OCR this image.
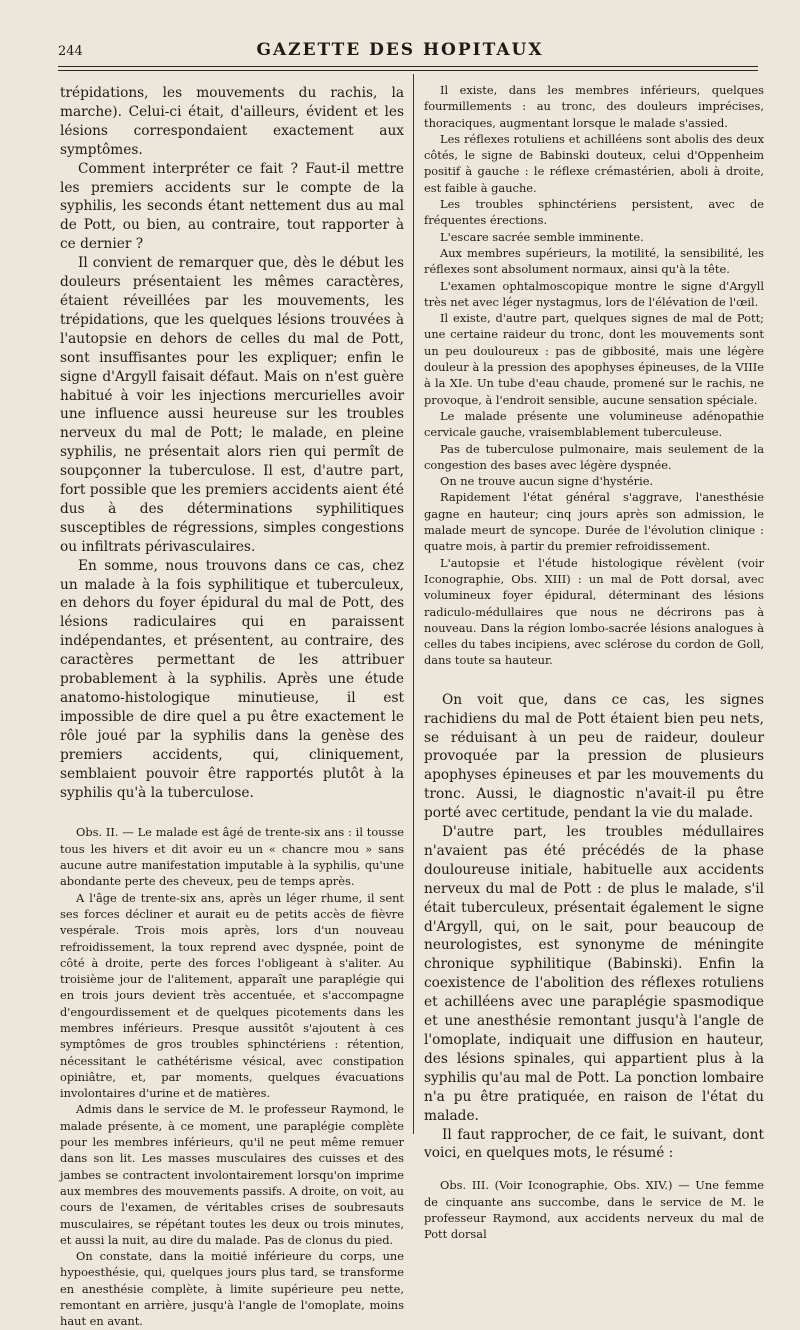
244	GAZETTE DES HOPITAUX

trépidations, les mouvements du rachis, la marche). Celui-ci était, d'ailleurs, évident et les lésions correspondaient exactement aux symptômes.

Comment interpréter ce fait ? Faut-il mettre les premiers accidents sur le compte de la syphilis, les seconds étant nettement dus au mal de Pott, ou bien, au contraire, tout rapporter à ce dernier ?

Il convient de remarquer que, dès le début les douleurs présentaient les mêmes caractères, étaient réveillées par les mouvements, les trépidations, que les quelques lésions trouvées à l'autopsie en dehors de celles du mal de Pott, sont insuffisantes pour les expliquer; enfin le signe d'Argyll faisait défaut. Mais on n'est guère habitué à voir les injections mercurielles avoir une influence aussi heureuse sur les troubles nerveux du mal de Pott; le malade, en pleine syphilis, ne présentait alors rien qui permît de soupçonner la tuberculose. Il est, d'autre part, fort possible que les premiers accidents aient été dus à des déterminations syphilitiques susceptibles de régressions, simples congestions ou infiltrats périvasculaires.

En somme, nous trouvons dans ce cas, chez un malade à la fois syphilitique et tuberculeux, en dehors du foyer épidural du mal de Pott, des lésions radiculaires qui en paraissent indépendantes, et présentent, au contraire, des caractères permettant de les attribuer probablement à la syphilis. Après une étude anatomo-histologique minutieuse, il est impossible de dire quel a pu être exactement le rôle joué par la syphilis dans la genèse des premiers accidents, qui, cliniquement, semblaient pouvoir être rapportés plutôt à la syphilis qu'à la tuberculose.

Obs. II. — Le malade est âgé de trente-six ans : il tousse tous les hivers et dit avoir eu un « chancre mou » sans aucune autre manifestation imputable à la syphilis, qu'une abondante perte des cheveux, peu de temps après.

A l'âge de trente-six ans, après un léger rhume, il sent ses forces décliner et aurait eu de petits accès de fièvre vespérale. Trois mois après, lors d'un nouveau refroidissement, la toux reprend avec dyspnée, point de côté à droite, perte des forces l'obligeant à s'aliter. Au troisième jour de l'alitement, apparaît une paraplégie qui en trois jours devient très accentuée, et s'accompagne d'engourdissement et de quelques picotements dans les membres inférieurs. Presque aussitôt s'ajoutent à ces symptômes de gros troubles sphinctériens : rétention, nécessitant le cathétérisme vésical, avec constipation opiniâtre, et, par moments, quelques évacuations involontaires d'urine et de matières.

Admis dans le service de M. le professeur Raymond, le malade présente, à ce moment, une paraplégie complète pour les membres inférieurs, qu'il ne peut même remuer dans son lit. Les masses musculaires des cuisses et des jambes se contractent involontairement lorsqu'on imprime aux membres des mouvements passifs. A droite, on voit, au cours de l'examen, de véritables crises de soubresauts musculaires, se répétant toutes les deux ou trois minutes, et aussi la nuit, au dire du malade. Pas de clonus du pied.

On constate, dans la moitié inférieure du corps, une hypoesthésie, qui, quelques jours plus tard, se transforme en anesthésie complète, à limite supérieure peu nette, remontant en arrière, jusqu'à l'angle de l'omoplate, moins haut en avant.

Il existe, dans les membres inférieurs, quelques fourmillements : au tronc, des douleurs imprécises, thoraciques, augmentant lorsque le malade s'assied.

Les réflexes rotuliens et achilléens sont abolis des deux côtés, le signe de Babinski douteux, celui d'Oppenheim positif à gauche : le réflexe crémastérien, aboli à droite, est faible à gauche.

Les troubles sphinctériens persistent, avec de fréquentes érections.

L'escare sacrée semble imminente.

Aux membres supérieurs, la motilité, la sensibilité, les réflexes sont absolument normaux, ainsi qu'à la tête.

L'examen ophtalmoscopique montre le signe d'Argyll très net avec léger nystagmus, lors de l'élévation de l'œil.

Il existe, d'autre part, quelques signes de mal de Pott; une certaine raideur du tronc, dont les mouvements sont un peu douloureux : pas de gibbosité, mais une légère douleur à la pression des apophyses épineuses, de la VIIIe à la XIe. Un tube d'eau chaude, promené sur le rachis, ne provoque, à l'endroit sensible, aucune sensation spéciale.

Le malade présente une volumineuse adénopathie cervicale gauche, vraisemblablement tuberculeuse.

Pas de tuberculose pulmonaire, mais seulement de la congestion des bases avec légère dyspnée.

On ne trouve aucun signe d'hystérie.

Rapidement l'état général s'aggrave, l'anesthésie gagne en hauteur; cinq jours après son admission, le malade meurt de syncope. Durée de l'évolution clinique : quatre mois, à partir du premier refroidissement.

L'autopsie et l'étude histologique révèlent (voir Iconographie, Obs. XIII) : un mal de Pott dorsal, avec volumineux foyer épidural, déterminant des lésions radiculo-médullaires que nous ne décrirons pas à nouveau. Dans la région lombo-sacrée lésions analogues à celles du tabes incipiens, avec sclérose du cordon de Goll, dans toute sa hauteur.

On voit que, dans ce cas, les signes rachidiens du mal de Pott étaient bien peu nets, se réduisant à un peu de raideur, douleur provoquée par la pression de plusieurs apophyses épineuses et par les mouvements du tronc. Aussi, le diagnostic n'avait-il pu être porté avec certitude, pendant la vie du malade.

D'autre part, les troubles médullaires n'avaient pas été précédés de la phase douloureuse initiale, habituelle aux accidents nerveux du mal de Pott : de plus le malade, s'il était tuberculeux, présentait également le signe d'Argyll, qui, on le sait, pour beaucoup de neurologistes, est synonyme de méningite chronique syphilitique (Babinski). Enfin la coexistence de l'abolition des réflexes rotuliens et achilléens avec une paraplégie spasmodique et une anesthésie remontant jusqu'à l'angle de l'omoplate, indiquait une diffusion en hauteur, des lésions spinales, qui appartient plus à la syphilis qu'au mal de Pott. La ponction lombaire n'a pu être pratiquée, en raison de l'état du malade.

Il faut rapprocher, de ce fait, le suivant, dont voici, en quelques mots, le résumé :

Obs. III. (Voir Iconographie, Obs. XIV.) — Une femme de cinquante ans succombe, dans le service de M. le professeur Raymond, aux accidents nerveux du mal de Pott dorsal
